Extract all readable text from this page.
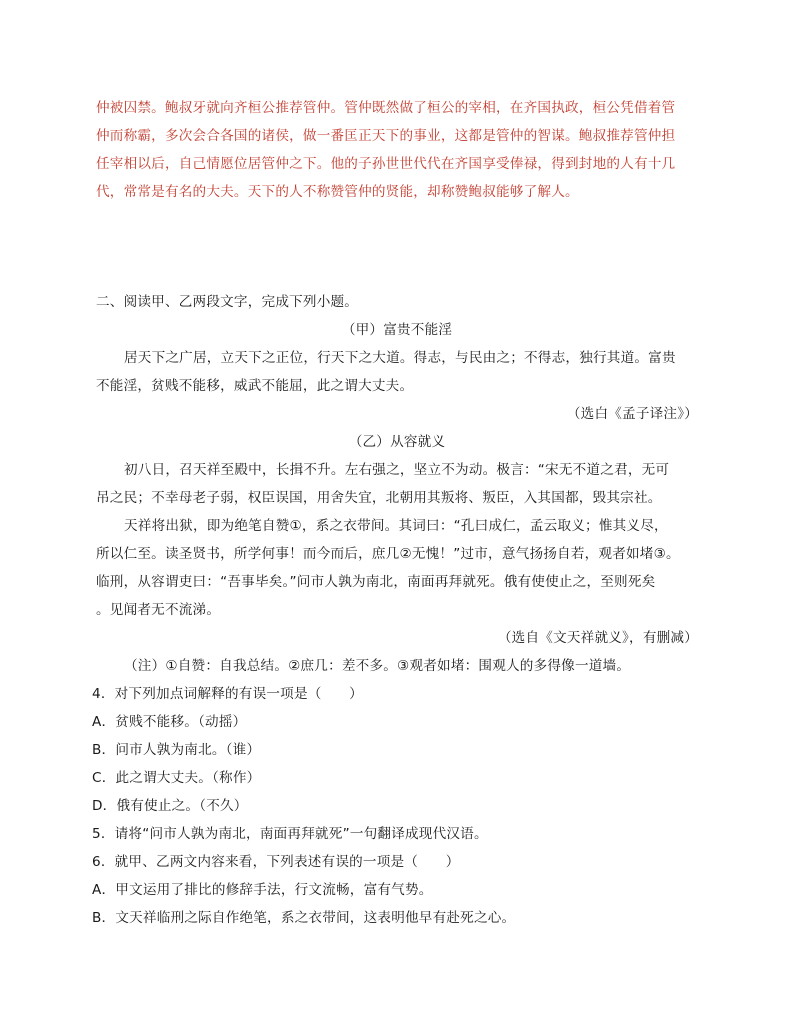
仲被囚禁。鲍叔牙就向齐桓公推荐管仲。管仲既然做了桓公的宰相，在齐国执政，桓公凭借着管
仲而称霸，多次会合各国的诸侯，做一番匡正天下的事业，这都是管仲的智谋。鲍叔推荐管仲担
任宰相以后，自己情愿位居管仲之下。他的子孙世世代代在齐国享受俸禄，得到封地的人有十几
代，常常是有名的大夫。天下的人不称赞管仲的贤能，却称赞鲍叔能够了解人。
二、阅读甲、乙两段文字，完成下列小题。
（甲）富贵不能淫
居天下之广居，立天下之正位，行天下之大道。得志，与民由之；不得志，独行其道。富贵
不能淫，贫贱不能移，威武不能屈，此之谓大丈夫。
（选白《孟子译注》）
（乙）从容就义
初八日，召天祥至殿中，长揖不升。左右强之，坚立不为动。极言：“宋无不道之君，无可
吊之民；不幸母老子弱，权臣误国，用舍失宜，北朝用其叛将、叛臣，入其国都，毁其宗社。
天祥将出狱，即为绝笔自赞①，系之衣带间。其词曰：“孔曰成仁，孟云取义；惟其义尽，
所以仁至。读圣贤书，所学何事！而今而后，庶几②无愧！”过市，意气扬扬自若，观者如堵③。
临刑，从容谓吏曰：“吾事毕矣。”问市人孰为南北，南面再拜就死。俄有使使止之，至则死矣
。见闻者无不流涕。
（选自《文天祥就义》，有删减）
（注）①自赞：自我总结。②庶几：差不多。③观者如堵：围观人的多得像一道墙。
4．对下列加点词解释的有误一项是（　　）
A．贫贱不能移。（动摇）
B．问市人孰为南北。（谁）
C．此之谓大丈夫。（称作）
D．俄有使止之。（不久）
5．请将“问市人孰为南北，南面再拜就死”一句翻译成现代汉语。
6．就甲、乙两文内容来看，下列表述有误的一项是（　　）
A．甲文运用了排比的修辞手法，行文流畅，富有气势。
B．文天祥临刑之际自作绝笔，系之衣带间，这表明他早有赴死之心。
